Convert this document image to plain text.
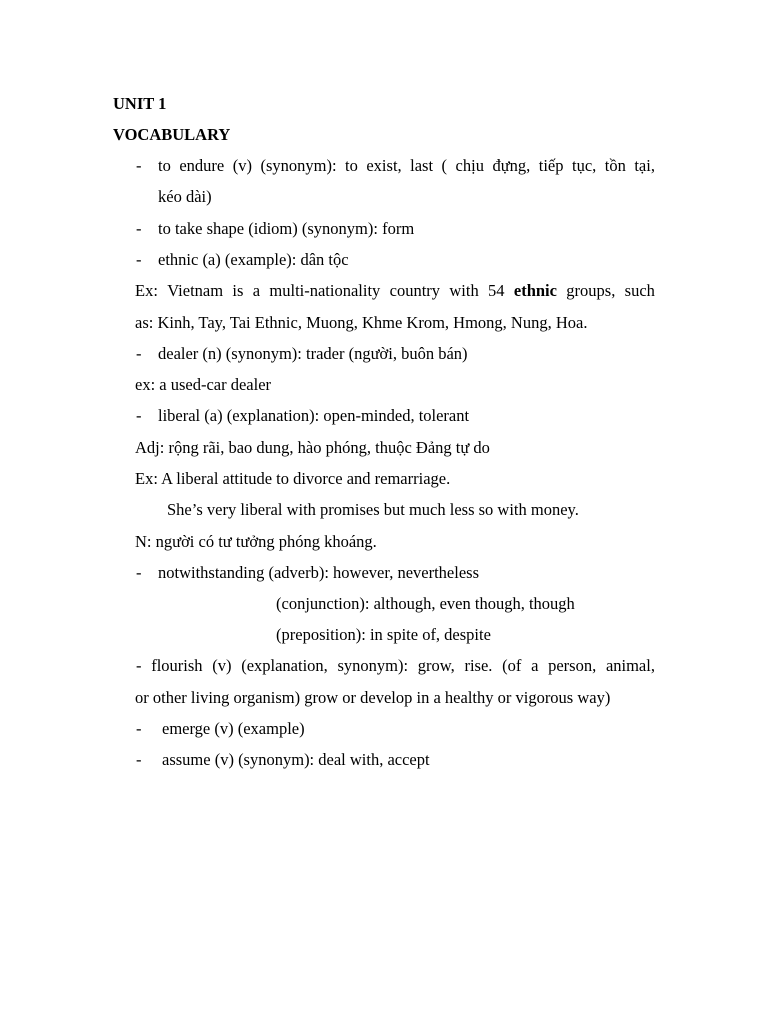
UNIT 1
VOCABULARY
- to endure (v) (synonym): to exist, last ( chịu đựng, tiếp tục, tồn tại,
kéo dài)
- to take shape (idiom) (synonym): form
- ethnic (a) (example): dân tộc
Ex: Vietnam is a multi-nationality country with 54 ethnic groups, such
as: Kinh, Tay, Tai Ethnic, Muong, Khme Krom, Hmong, Nung, Hoa.
- dealer (n) (synonym): trader (người, buôn bán)
ex: a used-car dealer
- liberal (a) (explanation): open-minded, tolerant
Adj: rộng rãi, bao dung, hào phóng, thuộc Đảng tự do
Ex: A liberal attitude to divorce and remarriage.
She’s very liberal with promises but much less so with money.
N: người có tư tưởng phóng khoáng.
- notwithstanding (adverb): however, nevertheless
(conjunction): although, even though, though
(preposition): in spite of, despite
- flourish (v) (explanation, synonym): grow, rise. (of a person, animal,
or other living organism) grow or develop in a healthy or vigorous way)
- emerge (v) (example)
- assume (v) (synonym): deal with, accept
